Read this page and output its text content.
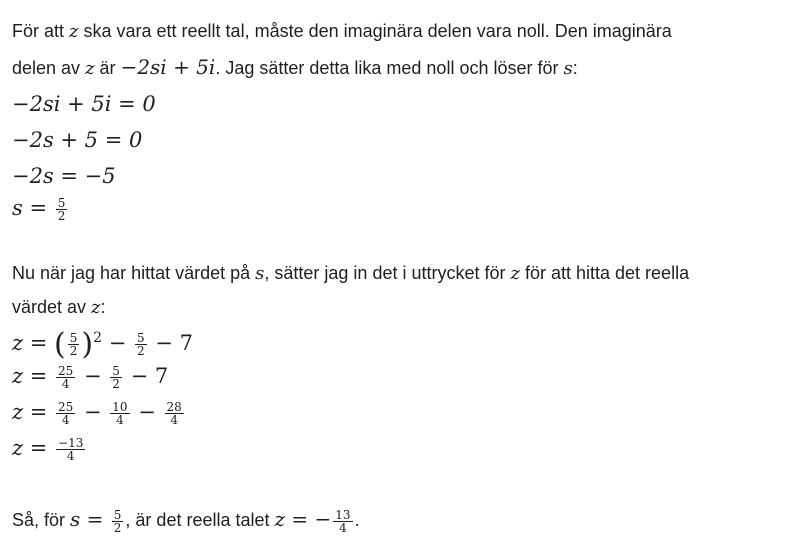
För att z ska vara ett reellt tal, måste den imaginära delen vara noll. Den imaginära
delen av z är −2si + 5i. Jag sätter detta lika med noll och löser för s:
−2si + 5i = 0
−2s + 5 = 0
−2s = −5
$s = \frac{5}{2}$
Nu när jag har hittat värdet på s, sätter jag in det i uttrycket för z för att hitta det reella
värdet av z:
z = ( $\frac{5}{2} )^2 - \frac{5}{2} - 7$
$z = \frac{25}{4} - \frac{5}{2} - 7$
$z = \frac{25}{4} - \frac{10}{4} - \frac{28}{4}$
$z = \frac{-13}{4}$
Så, för $s = \frac{5}{2}$ , är det reella talet z = − $\frac{13}{4}$ .
